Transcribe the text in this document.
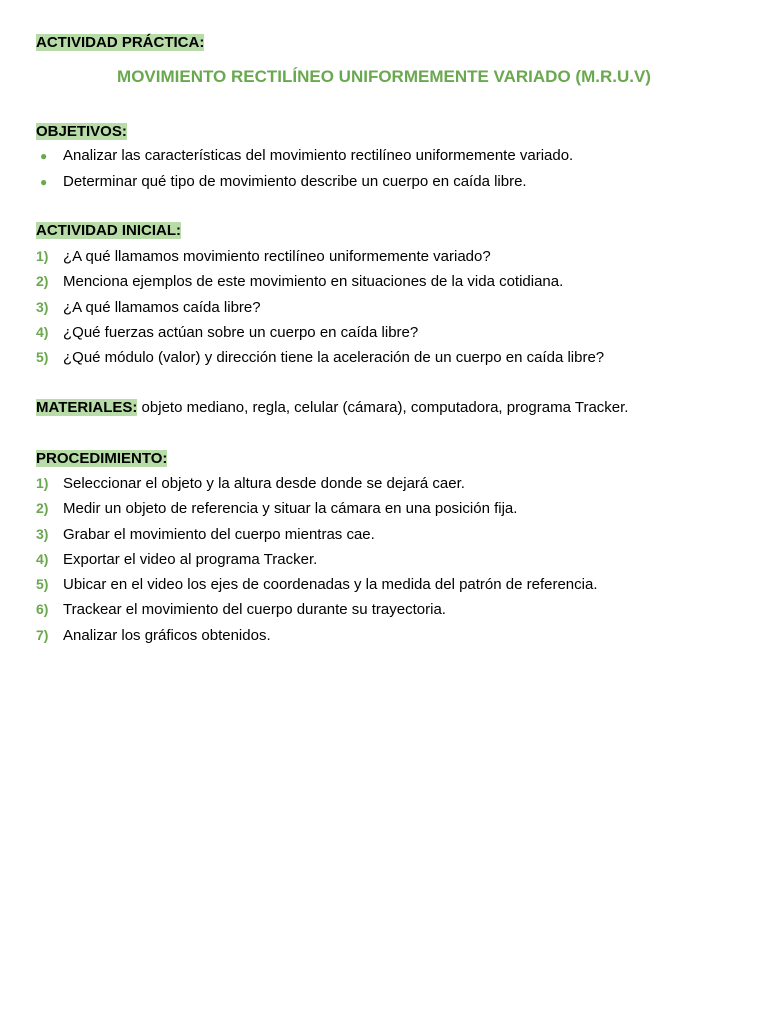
ACTIVIDAD PRÁCTICA:
MOVIMIENTO RECTILÍNEO UNIFORMEMENTE VARIADO (M.R.U.V)
OBJETIVOS:
● Analizar las características del movimiento rectilíneo uniformemente variado.
● Determinar qué tipo de movimiento describe un cuerpo en caída libre.
ACTIVIDAD INICIAL:
1) ¿A qué llamamos movimiento rectilíneo uniformemente variado?
2) Menciona ejemplos de este movimiento en situaciones de la vida cotidiana.
3) ¿A qué llamamos caída libre?
4) ¿Qué fuerzas actúan sobre un cuerpo en caída libre?
5) ¿Qué módulo (valor) y dirección tiene la aceleración de un cuerpo en caída libre?
MATERIALES: objeto mediano, regla, celular (cámara), computadora, programa Tracker.
PROCEDIMIENTO:
1) Seleccionar el objeto y la altura desde donde se dejará caer.
2) Medir un objeto de referencia y situar la cámara en una posición fija.
3) Grabar el movimiento del cuerpo mientras cae.
4) Exportar el video al programa Tracker.
5) Ubicar en el video los ejes de coordenadas y la medida del patrón de referencia.
6) Trackear el movimiento del cuerpo durante su trayectoria.
7) Analizar los gráficos obtenidos.
